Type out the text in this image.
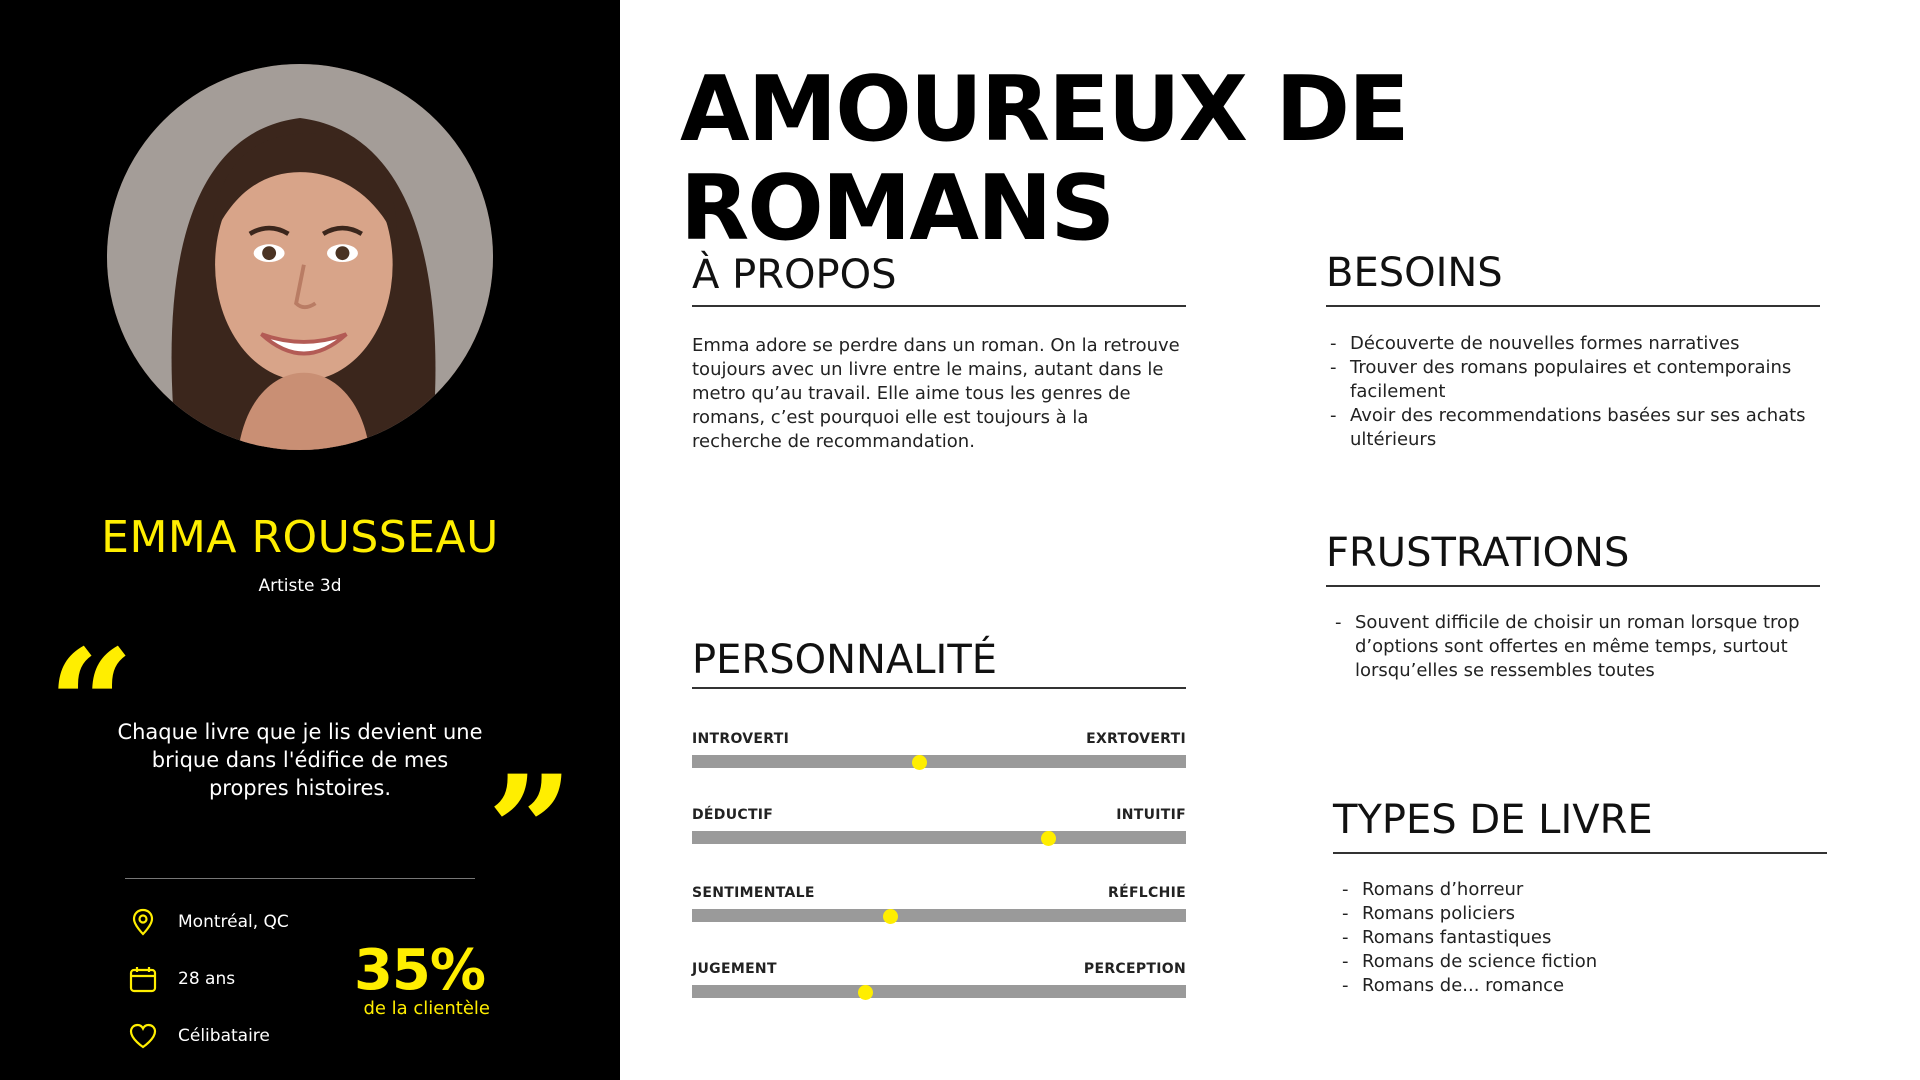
EMMA ROUSSEAU
Artiste 3d
“
Chaque livre que je lis devient une brique dans l'édifice de mes propres histoires. ”
Montréal, QC
28 ans
Célibataire
35%
de la clientèle
AMOUREUX DE ROMANS
À PROPOS
Emma adore se perdre dans un roman. On la retrouve toujours avec un livre entre le mains, autant dans le metro qu’au travail. Elle aime tous les genres de romans, c’est pourquoi elle est toujours à la recherche de recommandation.
BESOINS
- Découverte de nouvelles formes narratives
- Trouver des romans populaires et contemporains facilement
- Avoir des recommendations basées sur ses achats ultérieurs
FRUSTRATIONS
- Souvent difficile de choisir un roman lorsque trop d’options sont offertes en même temps, surtout lorsqu’elles se ressembles toutes
TYPES DE LIVRE
- Romans d’horreur
- Romans policiers
- Romans fantastiques
- Romans de science fiction
- Romans de... romance
PERSONNALITÉ
INTROVERTI	EXRTOVERTI
DÉDUCTIF	INTUITIF
SENTIMENTALE	RÉFLCHIE
JUGEMENT	PERCEPTION
